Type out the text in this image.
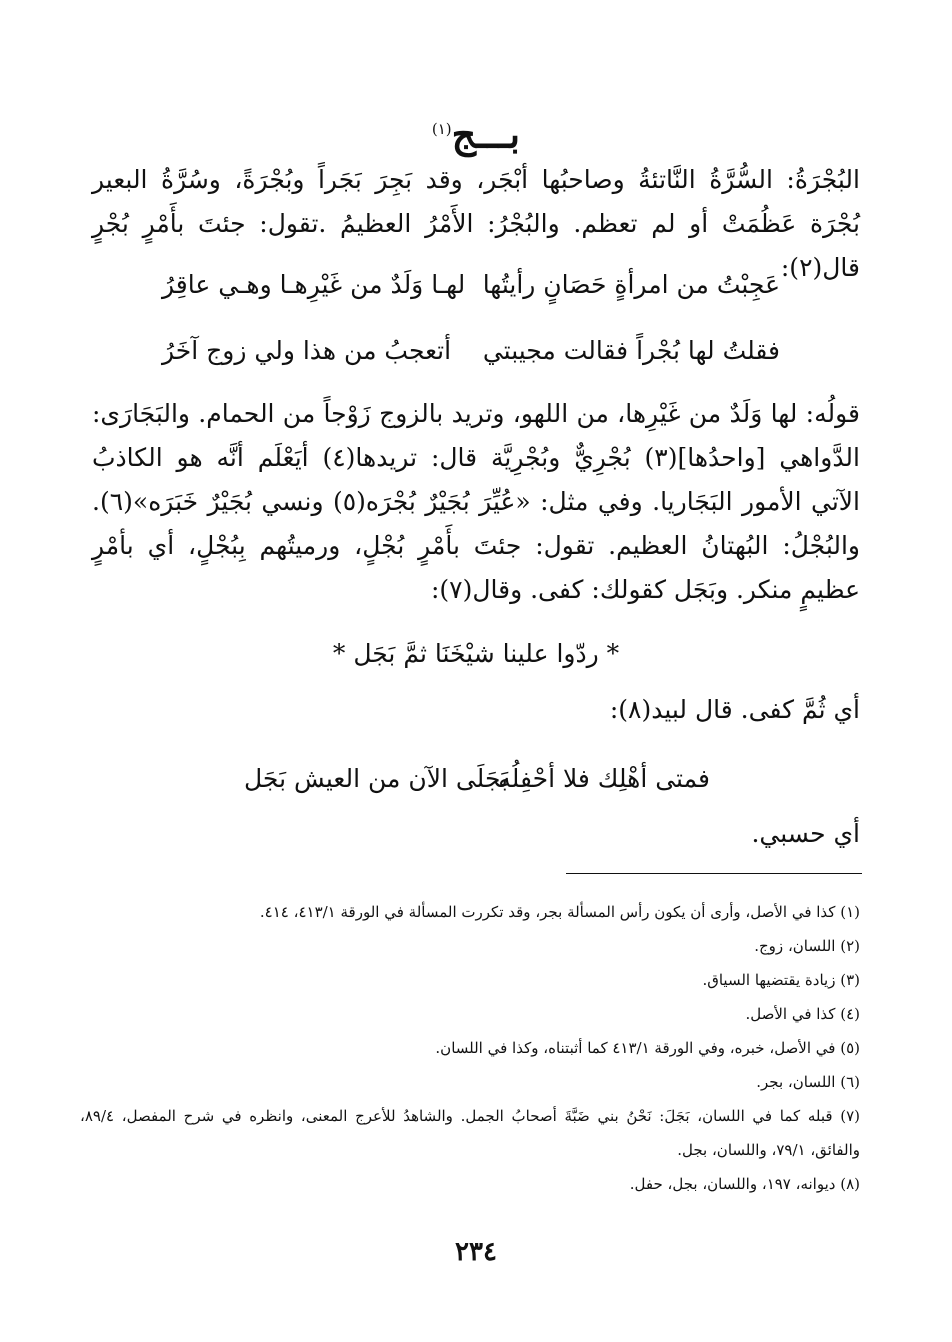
بـــج$^{(١)}$
البُجْرَةُ: السُّرَّةُ النَّاتئةُ وصاحبُها أبْجَر، وقد بَجِرَ بَجَراً وبُجْرَةً، وسُرَّةُ البعير بُجْرَة عَظُمَتْ أو لم تعظم. والبُجْرُ: الأَمْرُ العظيمُ .تقول: جئتَ بأَمْرٍ بُجْرٍ قال(٢):
عَجِبْتُ من امرأةٍ حَصَانٍ رأيتُها
لهـا وَلَدٌ من غَيْرِهـا وهـي عاقِرُ
فقلتُ لها بُجْراً فقالت مجيبتي
أتعجبُ من هذا ولي زوج آخَرُ
قولُه: لها وَلَدٌ من غَيْرِها، من اللهو، وتريد بالزوج زَوْجاً من الحمام. والبَجَارَى: الدَّواهي [واحدُها](٣) بُجْرِيٌّ وبُجْرِيَّة قال: تريدها(٤) أيَعْلَم أنَّه هو الكاذبُ الآتي الأمور البَجَاريا. وفي مثل: «عُيِّرَ بُجَيْرٌ بُجْرَه(٥) ونسي بُجَيْرٌ خَبَرَه»(٦). والبُجْلُ: البُهتانُ العظيم. تقول: جئتَ بأَمْرٍ بُجْلٍ، ورميتُهم بِبُجْلٍ، أي بأمْرٍ عظيمٍ منكر. وبَجَل كقولك: كفى. وقال(٧):
* ردّوا علينا شيْخَنَا ثمَّ بَجَل *
أي ثُمَّ كفى. قال لبيد(٨):
فمتى أهْلِك فلا أحْفِلُه
بَجَلَى الآن من العيش بَجَل
أي حسبي.
(١) كذا في الأصل، وأرى أن يكون رأس المسألة بجر، وقد تكررت المسألة في الورقة ٤١٣/١، ٤١٤.
(٢) اللسان، زوج.
(٣) زيادة يقتضيها السياق.
(٤) كذا في الأصل.
(٥) في الأصل، خبره، وفي الورقة ٤١٣/١ كما أثبتناه، وكذا في اللسان.
(٦) اللسان، بجر.
(٧) قبله كما في اللسان، بَجَلَ: نَحْنُ بني ضَبَّةَ أصحابُ الجمل. والشاهدُ للأعرج المعنى، وانظره في شرح المفصل، ٨٩/٤، والفائق، ٧٩/١، واللسان، بجل.
(٨) ديوانه، ١٩٧، واللسان، بجل، حفل.
٢٣٤
